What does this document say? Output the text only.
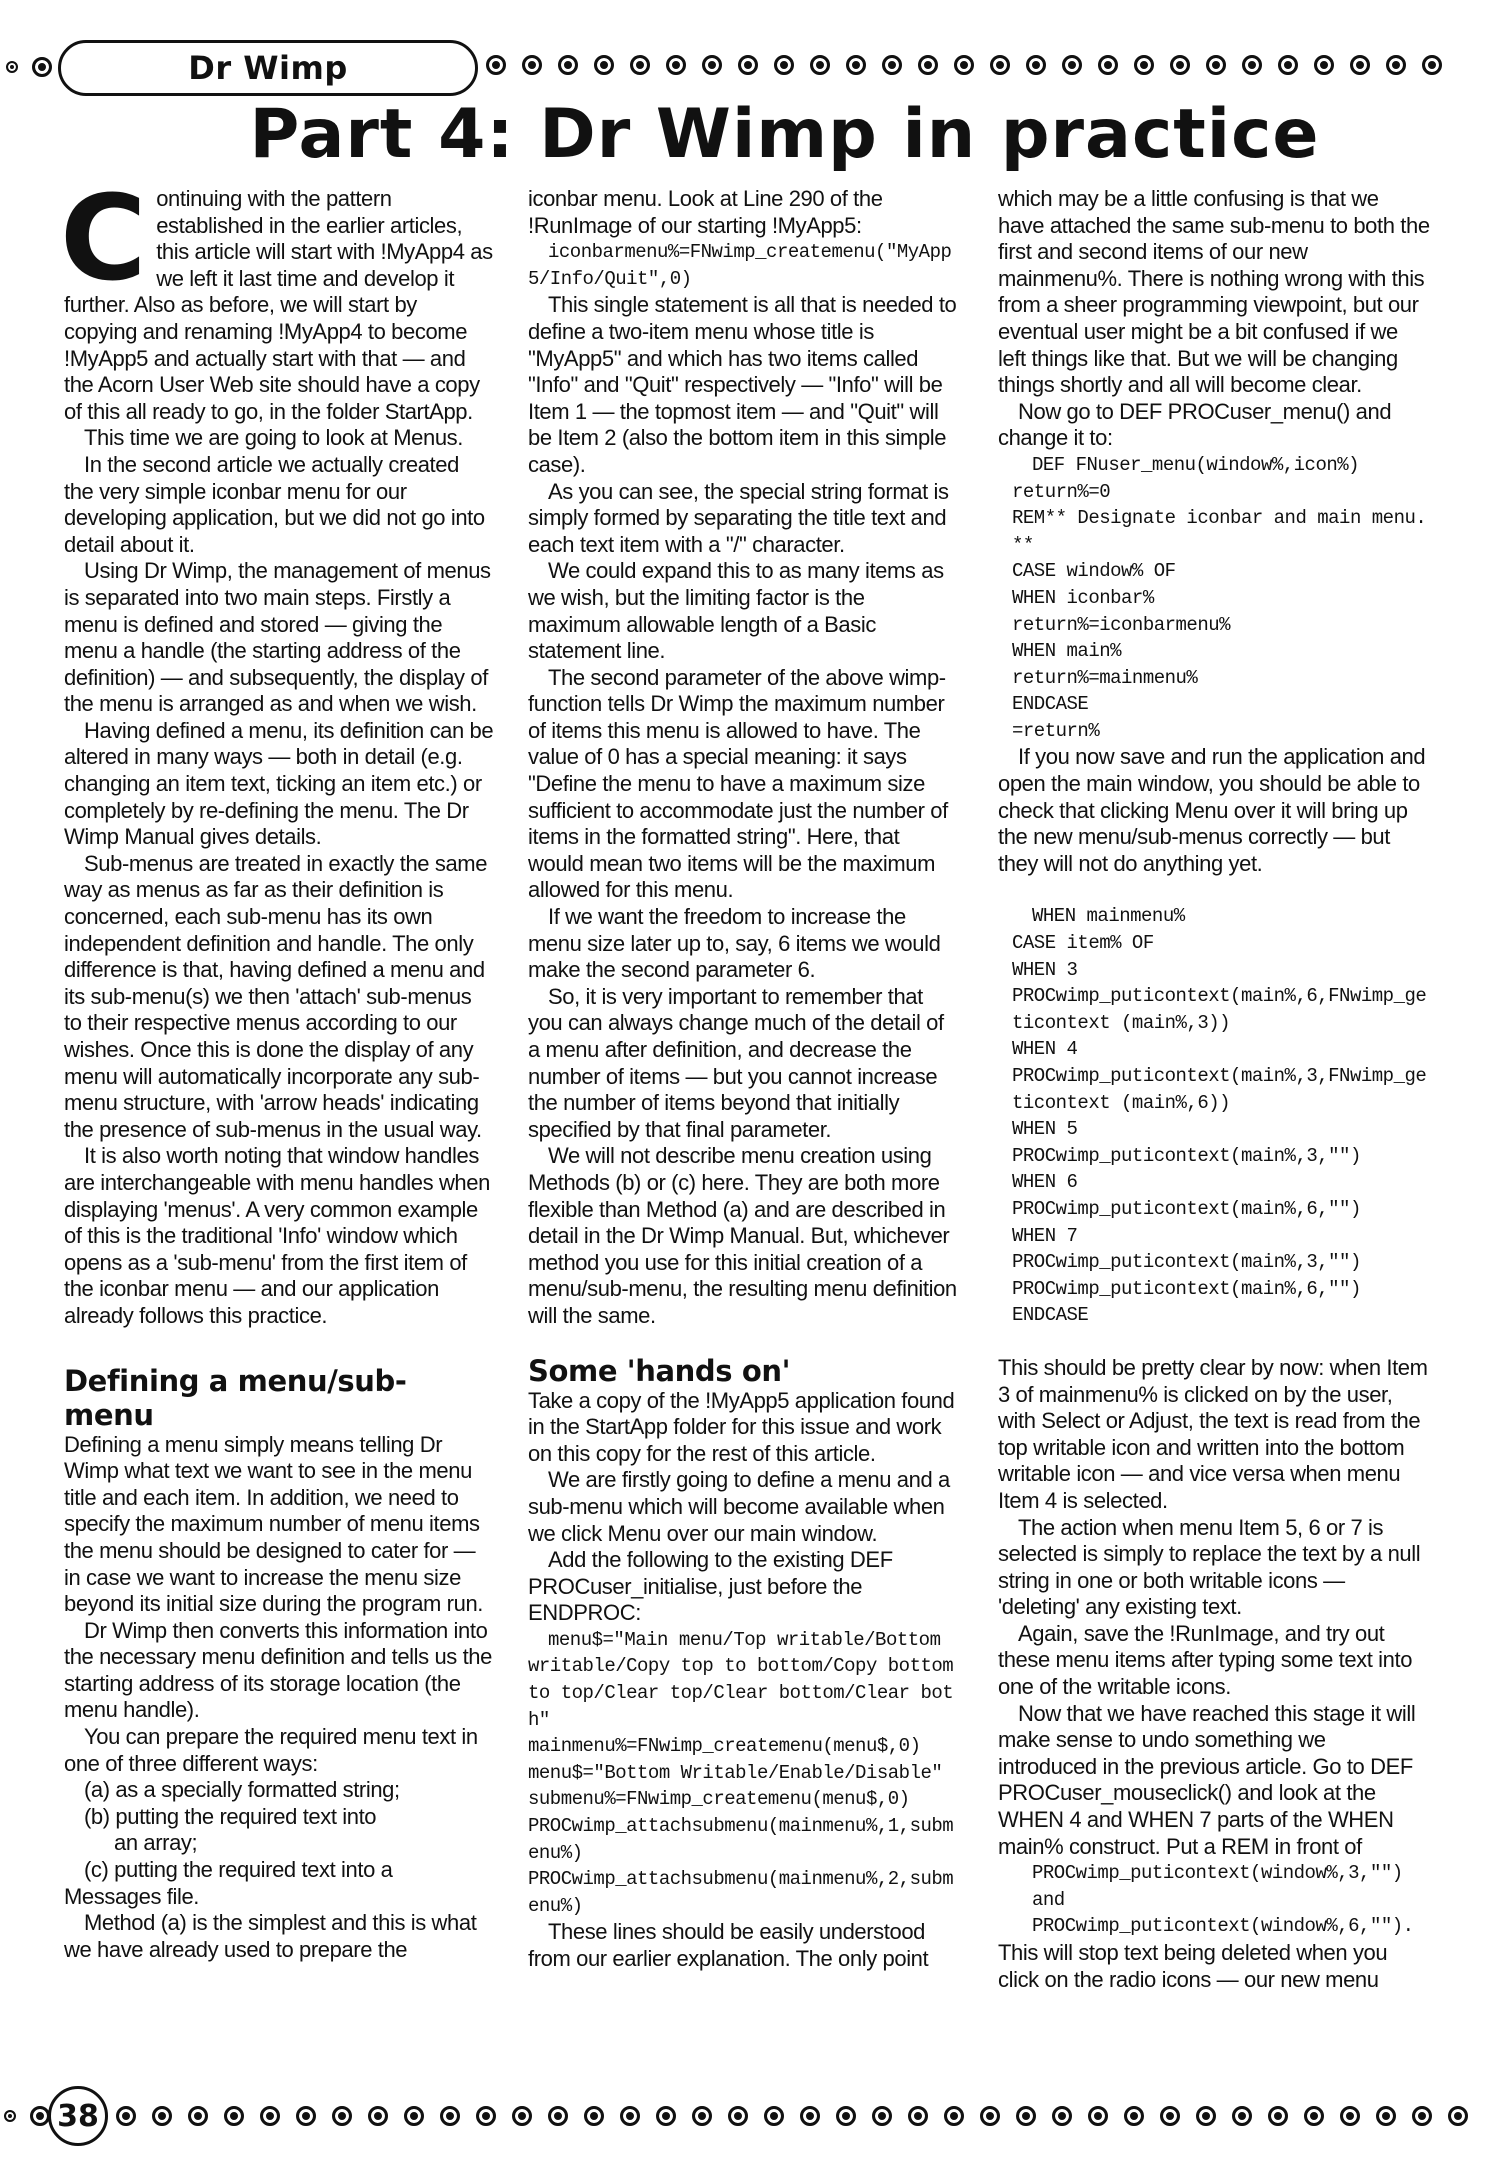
Dr Wimp
Part 4: Dr Wimp in practice
C ontinuing with the pattern established in the earlier articles, this article will start with !MyApp4 as we left it last time and develop it further. Also as before, we will start by copying and renaming !MyApp4 to become !MyApp5 and actually start with that — and the Acorn User Web site should have a copy of this all ready to go, in the folder StartApp.

This time we are going to look at Menus.

In the second article we actually created the very simple iconbar menu for our developing application, but we did not go into detail about it.

Using Dr Wimp, the management of menus is separated into two main steps. Firstly a menu is defined and stored — giving the menu a handle (the starting address of the definition) — and subsequently, the display of the menu is arranged as and when we wish.

Having defined a menu, its definition can be altered in many ways — both in detail (e.g. changing an item text, ticking an item etc.) or completely by re-defining the menu. The Dr Wimp Manual gives details.

Sub-menus are treated in exactly the same way as menus as far as their definition is concerned, each sub-menu has its own independent definition and handle. The only difference is that, having defined a menu and its sub-menu(s) we then 'attach' sub-menus to their respective menus according to our wishes. Once this is done the display of any menu will automatically incorporate any sub-menu structure, with 'arrow heads' indicating the presence of sub-menus in the usual way.

It is also worth noting that window handles are interchangeable with menu handles when displaying 'menus'. A very common example of this is the traditional 'Info' window which opens as a 'sub-menu' from the first item of the iconbar menu — and our application already follows this practice.

Defining a menu/sub-menu

Defining a menu simply means telling Dr Wimp what text we want to see in the menu title and each item. In addition, we need to specify the maximum number of menu items the menu should be designed to cater for — in case we want to increase the menu size beyond its initial size during the program run.

Dr Wimp then converts this information into the necessary menu definition and tells us the starting address of its storage location (the menu handle).

You can prepare the required menu text in one of three different ways:

(a) as a specially formatted string;

(b) putting the required text into

an array;

(c) putting the required text into a

Messages file.

Method (a) is the simplest and this is what we have already used to prepare the

iconbar menu. Look at Line 290 of the !RunImage of our starting !MyApp5:

iconbarmenu%=FNwimp_createmenu("MyApp5/Info/Quit",0)

This single statement is all that is needed to define a two-item menu whose title is "MyApp5" and which has two items called "Info" and "Quit" respectively — "Info" will be Item 1 — the topmost item — and "Quit" will be Item 2 (also the bottom item in this simple case).

As you can see, the special string format is simply formed by separating the title text and each text item with a "/" character.

We could expand this to as many items as we wish, but the limiting factor is the maximum allowable length of a Basic statement line.

The second parameter of the above wimp-function tells Dr Wimp the maximum number of items this menu is allowed to have. The value of 0 has a special meaning: it says "Define the menu to have a maximum size sufficient to accommodate just the number of items in the formatted string". Here, that would mean two items will be the maximum allowed for this menu.

If we want the freedom to increase the menu size later up to, say, 6 items we would make the second parameter 6.

So, it is very important to remember that you can always change much of the detail of a menu after definition, and decrease the number of items — but you cannot increase the number of items beyond that initially specified by that final parameter.

We will not describe menu creation using Methods (b) or (c) here. They are both more flexible than Method (a) and are described in detail in the Dr Wimp Manual. But, whichever method you use for this initial creation of a menu/sub-menu, the resulting menu definition will the same.

Some 'hands on'

Take a copy of the !MyApp5 application found in the StartApp folder for this issue and work on this copy for the rest of this article.

We are firstly going to define a menu and a sub-menu which will become available when we click Menu over our main window.

Add the following to the existing DEF PROCuser_initialise, just before the ENDPROC:

menu$="Main menu/Top writable/Bottom writable/Copy top to bottom/Copy bottom to top/Clear top/Clear bottom/Clear both"
mainmenu%=FNwimp_createmenu(menu$,0)
menu$="Bottom Writable/Enable/Disable"
submenu%=FNwimp_createmenu(menu$,0)
PROCwimp_attachsubmenu(mainmenu%,1,submenu%)
PROCwimp_attachsubmenu(mainmenu%,2,submenu%)

These lines should be easily understood from our earlier explanation. The only point

which may be a little confusing is that we have attached the same sub-menu to both the first and second items of our new mainmenu%. There is nothing wrong with this from a sheer programming viewpoint, but our eventual user might be a bit confused if we left things like that. But we will be changing things shortly and all will become clear.

Now go to DEF PROCuser_menu() and change it to:

DEF FNuser_menu(window%,icon%)
return%=0
REM** Designate iconbar and main menu. **
CASE window% OF
WHEN iconbar%
return%=iconbarmenu%
WHEN main%
return%=mainmenu%
ENDCASE
=return%

If you now save and run the application and open the main window, you should be able to check that clicking Menu over it will bring up the new menu/sub-menus correctly — but they will not do anything yet.

WHEN mainmenu%
CASE item% OF
WHEN 3
PROCwimp_puticontext(main%,6,FNwimp_geticontext (main%,3))
WHEN 4
PROCwimp_puticontext(main%,3,FNwimp_geticontext (main%,6))
WHEN 5
PROCwimp_puticontext(main%,3,"")
WHEN 6
PROCwimp_puticontext(main%,6,"")
WHEN 7
PROCwimp_puticontext(main%,3,"")
PROCwimp_puticontext(main%,6,"")
ENDCASE

This should be pretty clear by now: when Item 3 of mainmenu% is clicked on by the user, with Select or Adjust, the text is read from the top writable icon and written into the bottom writable icon — and vice versa when menu Item 4 is selected.

The action when menu Item 5, 6 or 7 is selected is simply to replace the text by a null string in one or both writable icons — 'deleting' any existing text.

Again, save the !RunImage, and try out these menu items after typing some text into one of the writable icons.

Now that we have reached this stage it will make sense to undo something we introduced in the previous article. Go to DEF PROCuser_mouseclick() and look at the WHEN 4 and WHEN 7 parts of the WHEN main% construct. Put a REM in front of

PROCwimp_puticontext(window%,3,"")

and

PROCwimp_puticontext(window%,6,"").

This will stop text being deleted when you click on the radio icons — our new menu

38
